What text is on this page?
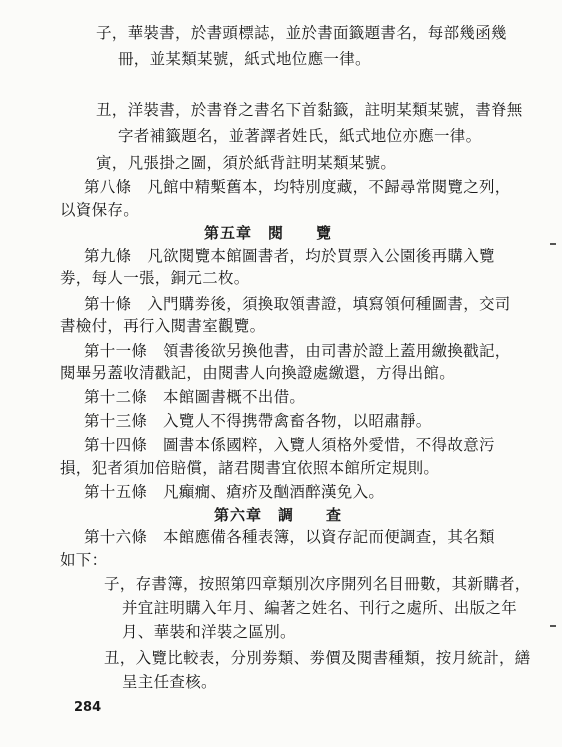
子，華裝書，於書頭標誌，並於書面籤題書名，每部幾函幾
冊，並某類某號，紙式地位應一律。
丑，洋裝書，於書脊之書名下首黏籤，註明某類某號，書脊無
字者補籤題名，並著譯者姓氏，紙式地位亦應一律。
寅，凡張掛之圖，須於紙背註明某類某號。
第八條　凡館中精槧舊本，均特別度藏，不歸尋常閱覽之列，
以資保存。
第五章　閱　　覽
第九條　凡欲閱覽本館圖書者，均於買票入公園後再購入覽
劵，每人一張，銅元二枚。
第十條　入門購劵後，須換取領書證，填寫領何種圖書，交司
書檢付，再行入閱書室觀覽。
第十一條　領書後欲另換他書，由司書於證上蓋用繳換戳記，
閱畢另蓋收清戳記，由閱書人向換證處繳還，方得出館。
第十二條　本館圖書概不出借。
第十三條　入覽人不得携帶禽畜各物，以昭肅靜。
第十四條　圖書本係國粹，入覽人須格外愛惜，不得故意污
損，犯者須加倍賠償，諸君閱書宜依照本館所定規則。
第十五條　凡癲癇、瘡疥及酗酒醉漢免入。
第六章　調　　查
第十六條　本館應備各種表簿，以資存記而便調查，其名類
如下：
子，存書簿，按照第四章類別次序開列名目冊數，其新購者，
并宜註明購入年月、編著之姓名、刊行之處所、出版之年
月、華裝和洋裝之區別。
丑，入覽比較表，分別劵類、劵價及閱書種類，按月統計，繕
呈主任查核。
284
